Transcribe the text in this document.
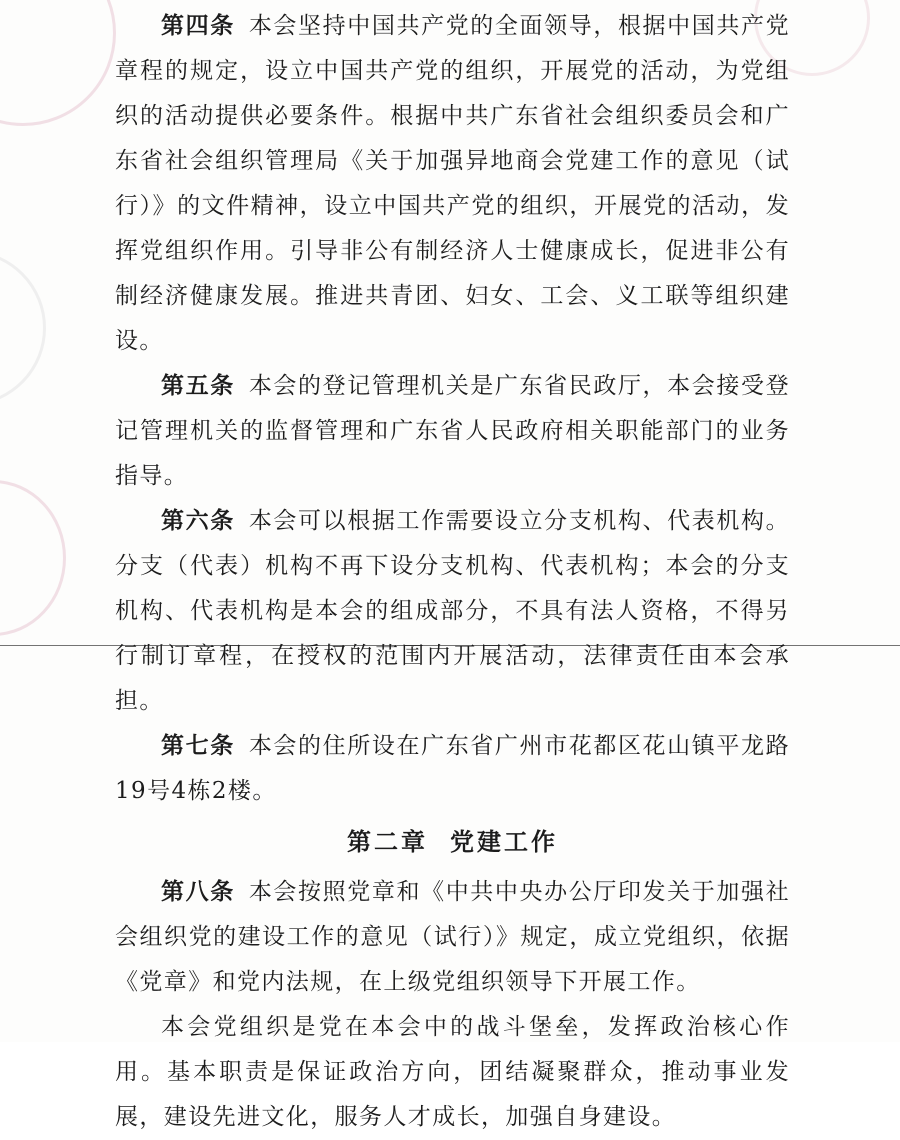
第四条 本会坚持中国共产党的全面领导，根据中国共产党章程的规定，设立中国共产党的组织，开展党的活动，为党组织的活动提供必要条件。根据中共广东省社会组织委员会和广东省社会组织管理局《关于加强异地商会党建工作的意见（试行）》的文件精神，设立中国共产党的组织，开展党的活动，发挥党组织作用。引导非公有制经济人士健康成长，促进非公有制经济健康发展。推进共青团、妇女、工会、义工联等组织建设。

第五条 本会的登记管理机关是广东省民政厅，本会接受登记管理机关的监督管理和广东省人民政府相关职能部门的业务指导。

第六条 本会可以根据工作需要设立分支机构、代表机构。分支（代表）机构不再下设分支机构、代表机构；本会的分支机构、代表机构是本会的组成部分，不具有法人资格，不得另行制订章程，在授权的范围内开展活动，法律责任由本会承担。

第七条 本会的住所设在广东省广州市花都区花山镇平龙路19号4栋2楼。

第二章 党建工作

第八条 本会按照党章和《中共中央办公厅印发关于加强社会组织党的建设工作的意见（试行）》规定，成立党组织，依据《党章》和党内法规，在上级党组织领导下开展工作。

本会党组织是党在本会中的战斗堡垒，发挥政治核心作用。基本职责是保证政治方向，团结凝聚群众，推动事业发展，建设先进文化，服务人才成长，加强自身建设。
